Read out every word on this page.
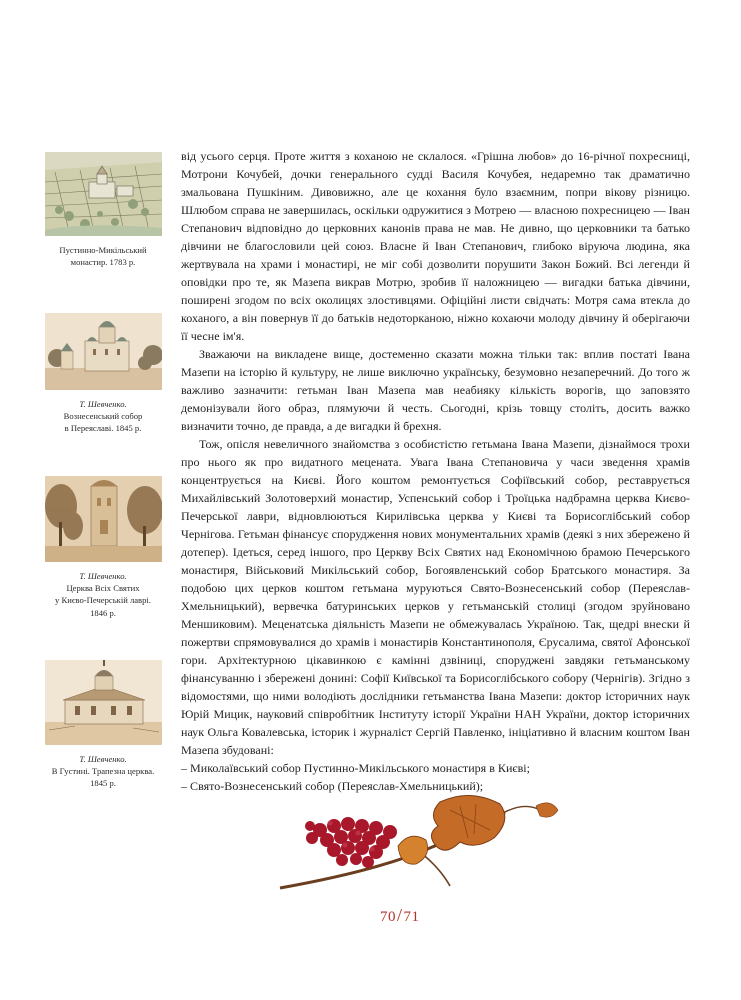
Пустинно-Микільський
монастир. 1783 р.
Т. Шевченко.
Вознесенський собор
в Переяславі. 1845 р.
Т. Шевченко.
Церква Всіх Святих
у Києво-Печерській лаврі.
1846 р.
Т. Шевченко.
В Густині. Трапезна церква.
1845 р.

від усього серця. Проте життя з коханою не склалося. «Грішна любов» до 16-річної похресниці, Мотрони Кочубей, дочки генерального судді Василя Кочубея, недаремно так драматично змальована Пушкіним. Дивовижно, але це кохання було взаємним, попри вікову різницю. Шлюбом справа не завершилась, оскільки одружитися з Мотрею — власною похресницею — Іван Степанович відповідно до церковних канонів права не мав. Не дивно, що церковники та батько дівчини не благословили цей союз. Власне й Іван Степанович, глибоко віруюча людина, яка жертвувала на храми і монастирі, не міг собі дозволити порушити Закон Божий. Всі легенди й оповідки про те, як Мазепа викрав Мотрю, зробив її наложницею — вигадки батька дівчини, поширені згодом по всіх околицях злостивцями. Офіційні листи свідчать: Мотря сама втекла до коханого, а він повернув її до батьків недоторканою, ніжно кохаючи молоду дівчину й оберігаючи її чесне ім'я.

Зважаючи на викладене вище, достеменно сказати можна тільки так: вплив постаті Івана Мазепи на історію й культуру, не лише виключно українську, безумовно незаперечний. До того ж важливо зазначити: гетьман Іван Мазепа мав неабияку кількість ворогів, що заповзято демонізували його образ, плямуючи й честь. Сьогодні, крізь товщу століть, досить важко визначити точно, де правда, а де вигадки й брехня.

Тож, опісля невеличного знайомства з особистістю гетьмана Івана Мазепи, дізнаймося трохи про нього як про видатного мецената. Увага Івана Степановича у часи зведення храмів концентрується на Києві. Його коштом ремонтується Софіївський собор, реставрується Михайлівський Золотоверхий монастир, Успенський собор і Троїцька надбрамна церква Києво-Печерської лаври, відновлюються Кирилівська церква у Києві та Борисоглібський собор Чернігова. Гетьман фінансує спорудження нових монументальних храмів (деякі з них збережено й дотепер). Ідеться, серед іншого, про Церкву Всіх Святих над Економічною брамою Печерського монастиря, Військовий Микільський собор, Богоявленський собор Братського монастиря. За подобою цих церков коштом гетьмана муруються Свято-Вознесенський собор (Переяслав-Хмельницький), вервечка батуринських церков у гетьманській столиці (згодом зруйновано Меншиковим). Меценатська діяльність Мазепи не обмежувалась Україною. Так, щедрі внески й пожертви спрямовувалися до храмів і монастирів Константинополя, Єрусалима, святої Афонської гори. Архітектурною цікавинкою є камінні дзвіниці, споруджені завдяки гетьманському фінансуванню і збережені донині: Софії Київської та Борисоглібського собору (Чернігів). Згідно з відомостями, що ними володіють дослідники гетьманства Івана Мазепи: доктор історичних наук Юрій Мицик, науковий співробітник Інституту історії України НАН України, доктор історичних наук Ольга Ковалевська, історик і журналіст Сергій Павленко, ініціативно й власним коштом Іван Мазепа збудовані:

– Миколаївський собор Пустинно-Микільського монастиря в Києві;

– Свято-Вознесенський собор (Переяслав-Хмельницький);

70/71
